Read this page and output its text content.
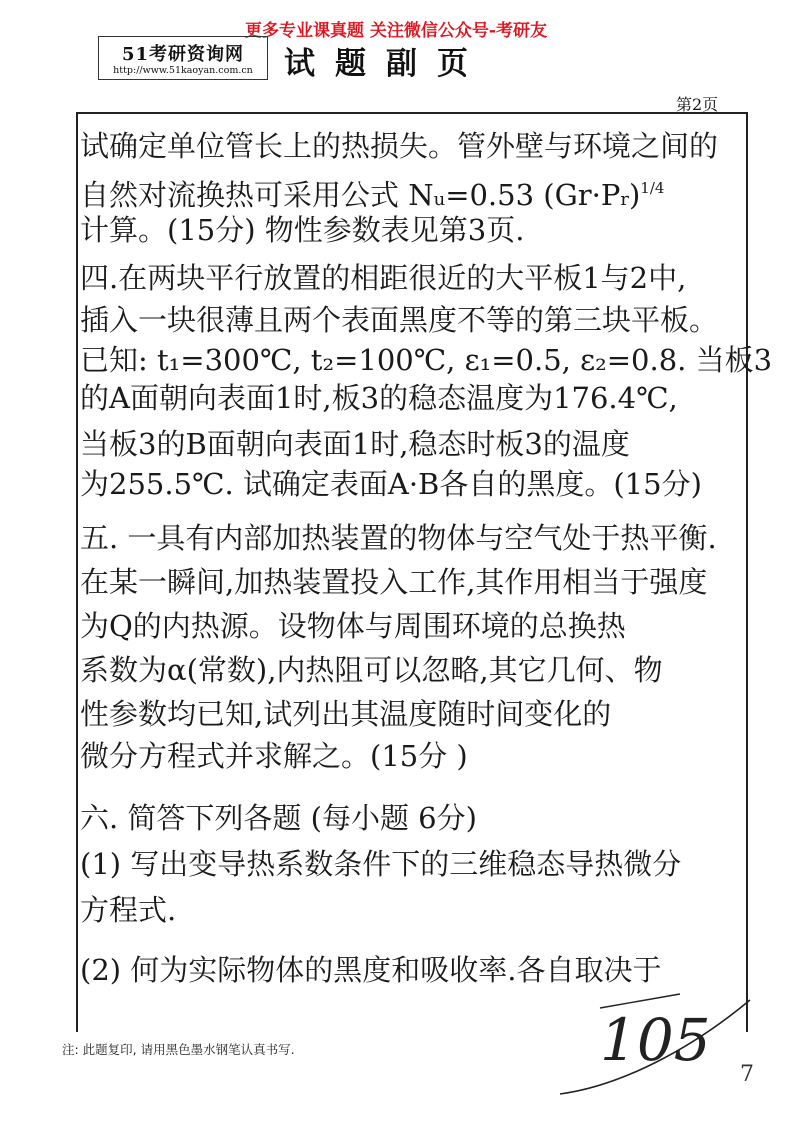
更多专业课真题 关注微信公众号-考研友
51考研资询网
http://www.51kaoyan.com.cn	试题副页
第2页
试确定单位管长上的热损失。管外壁与环境之间的
自然对流换热可采用公式 Nu=0.53 $(Gr\cdot Pr)^{1/4}$
计算。(15分) 物性参数表见第3页.
四.在两块平行放置的相距很近的大平板1与2中,
插入一块很薄且两个表面黑度不等的第三块平板。
已知: t₁=300℃, t₂=100℃, ε₁=0.5, ε₂=0.8. 当板3
的A面朝向表面1时,板3的稳态温度为176.4℃,
当板3的B面朝向表面1时,稳态时板3的温度
为255.5℃. 试确定表面A·B各自的黑度。(15分)
五. 一具有内部加热装置的物体与空气处于热平衡.
在某一瞬间,加热装置投入工作,其作用相当于强度
为Q的内热源。设物体与周围环境的总换热
系数为α(常数),内热阻可以忽略,其它几何、物
性参数均已知,试列出其温度随时间变化的
微分方程式并求解之。(15分 )
六. 简答下列各题 (每小题 6分)
(1) 写出变导热系数条件下的三维稳态导热微分
方程式.
(2) 何为实际物体的黑度和吸收率.各自取决于
注: 此题复印, 请用黑色墨水钢笔认真书写.	105
7
